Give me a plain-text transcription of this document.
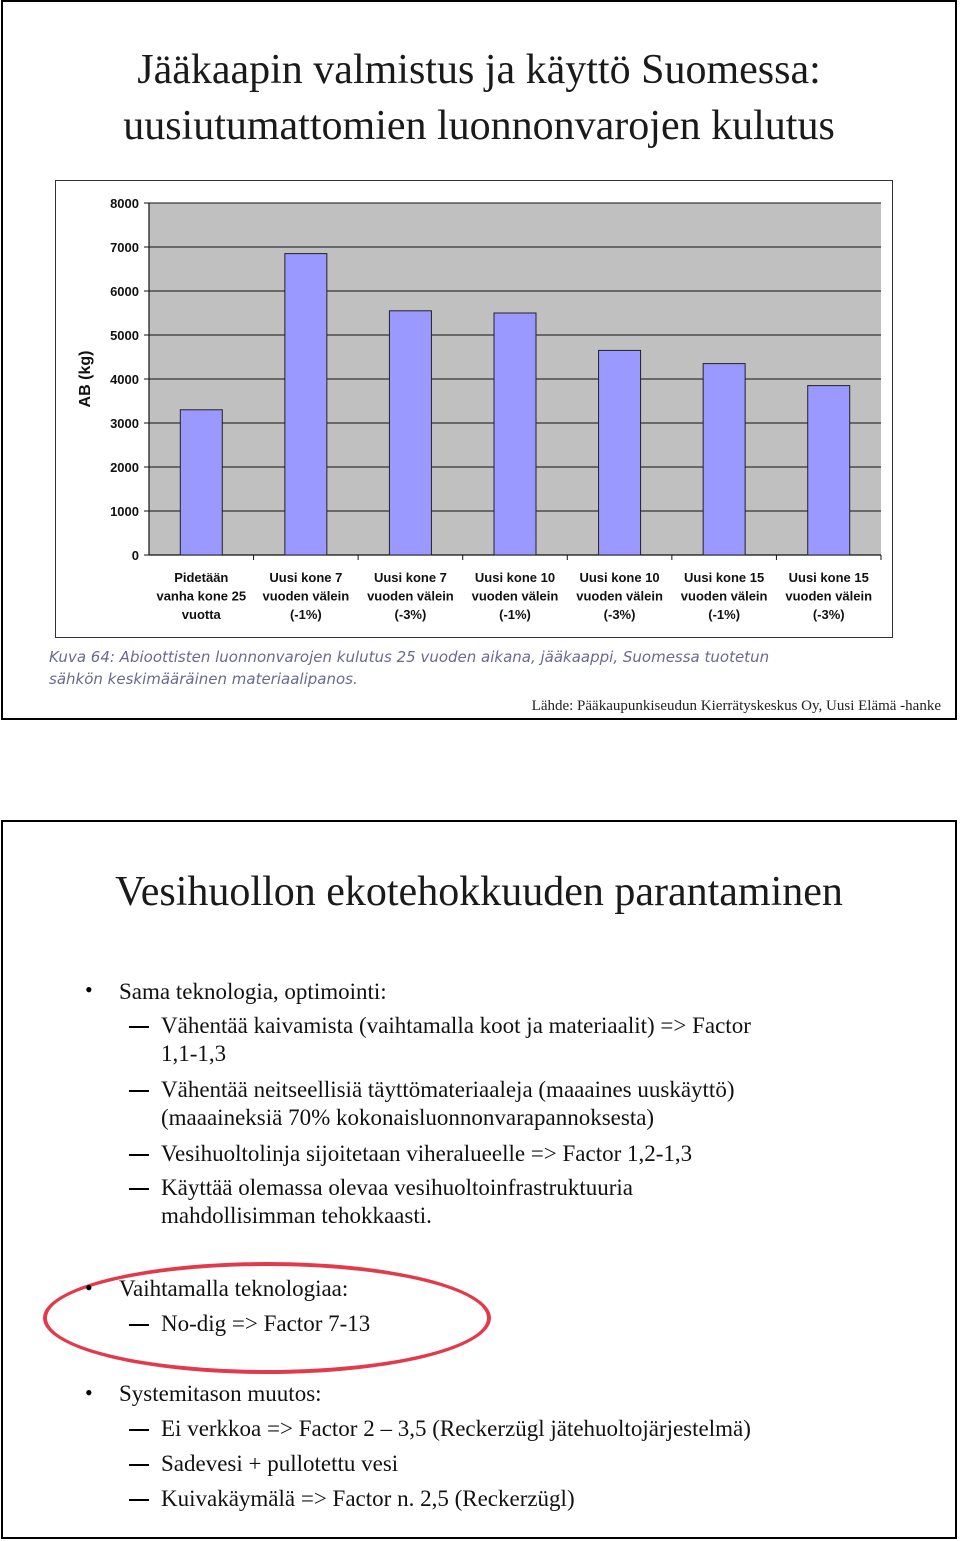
Jääkaapin valmistus ja käyttö Suomessa:
uusiutumattomien luonnonvarojen kulutus
0
1000
2000
3000
4000
5000
6000
7000
8000
Pidetään
vanha kone 25
vuotta
Uusi kone 7
vuoden välein
(-1%)
Uusi kone 7
vuoden välein
(-3%)
Uusi kone 10
vuoden välein
(-1%)
Uusi kone 10
vuoden välein
(-3%)
Uusi kone 15
vuoden välein
(-1%)
Uusi kone 15
vuoden välein
(-3%)
AB (kg)
Kuva 64: Abioottisten luonnonvarojen kulutus 25 vuoden aikana, jääkaappi, Suomessa tuotetun
sähkön keskimääräinen materiaalipanos.
Lähde: Pääkaupunkiseudun Kierrätyskeskus Oy, Uusi Elämä -hanke
Vesihuollon ekotehokkuuden parantaminen
• Sama teknologia, optimointi:
Vähentää kaivamista (vaihtamalla koot ja materiaalit) => Factor
1,1-1,3
Vähentää neitseellisiä täyttömateriaaleja (maaaines uuskäyttö)
(maaaineksiä 70% kokonaisluonnonvarapannoksesta)
Vesihuoltolinja sijoitetaan viheralueelle => Factor 1,2-1,3
Käyttää olemassa olevaa vesihuoltoinfrastruktuuria
mahdollisimman tehokkaasti.
• Vaihtamalla teknologiaa:
No-dig => Factor 7-13
• Systemitason muutos:
Ei verkkoa => Factor 2 – 3,5 (Reckerzügl jätehuoltojärjestelmä)
Sadevesi + pullotettu vesi
Kuivakäymälä => Factor n. 2,5 (Reckerzügl)
